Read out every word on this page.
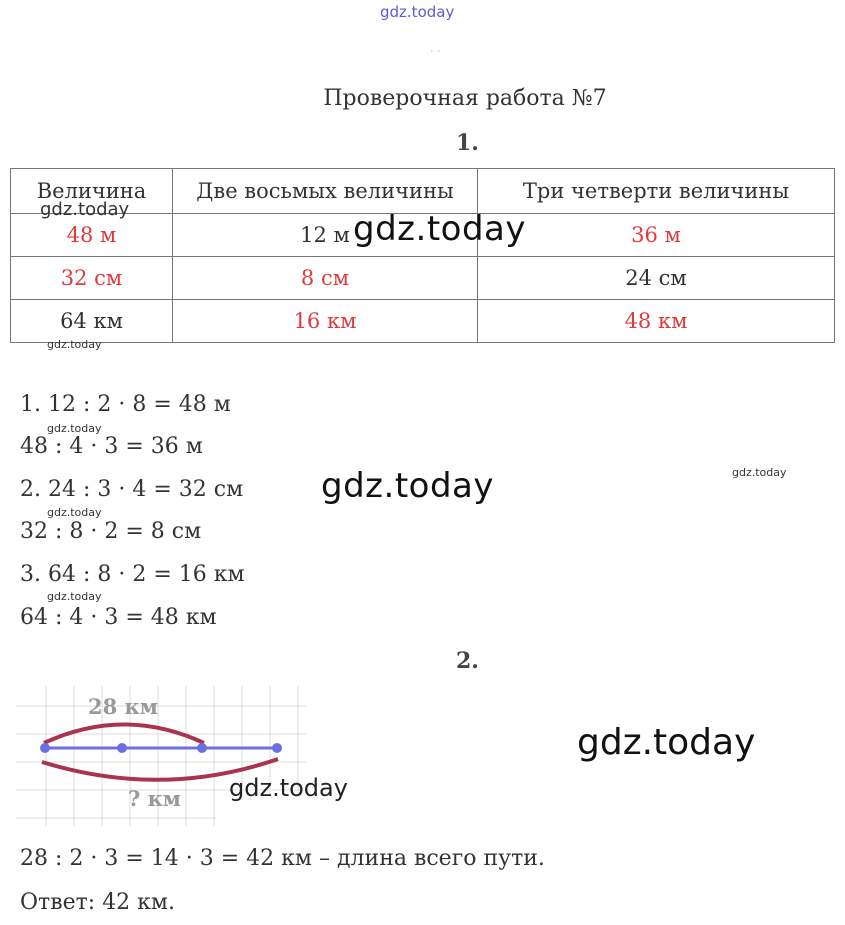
gdz.today
· ·
Проверочная работа №7
1.
Величина	Две восьмых величины	Три четверти величины
48 м	12 м	36 м
32 см	8 см	24 см
64 км	16 км	48 км
gdz.today	gdz.today
gdz.today
1. 12 : 2 · 8 = 48 м
gdz.today
48 : 4 · 3 = 36 м
2. 24 : 3 · 4 = 32 см
gdz.today
32 : 8 · 2 = 8 см
3. 64 : 8 · 2 = 16 км
gdz.today
64 : 4 · 3 = 48 км
gdz.today	gdz.today
2.
28 км
? км gdz.today
gdz.today
28 : 2 · 3 = 14 · 3 = 42 км – длина всего пути.
Ответ: 42 км.
